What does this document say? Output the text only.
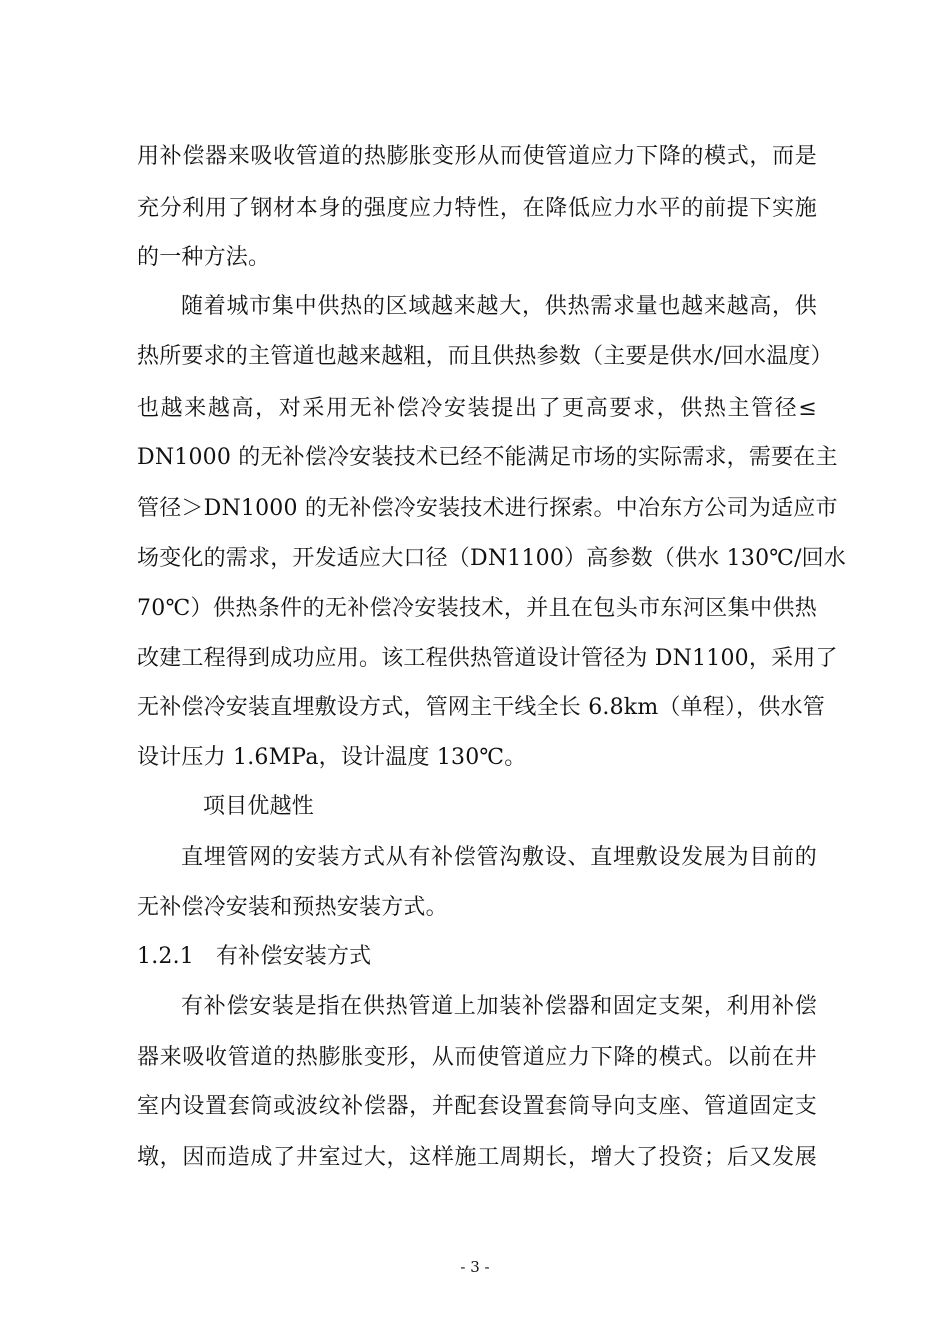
用补偿器来吸收管道的热膨胀变形从而使管道应力下降的模式，而是
充分利用了钢材本身的强度应力特性，在降低应力水平的前提下实施
的一种方法。
随着城市集中供热的区域越来越大，供热需求量也越来越高，供
热所要求的主管道也越来越粗，而且供热参数（主要是供水/回水温度）
也越来越高，对采用无补偿冷安装提出了更高要求，供热主管径≤
DN1000 的无补偿冷安装技术已经不能满足市场的实际需求，需要在主
管径＞DN1000 的无补偿冷安装技术进行探索。中冶东方公司为适应市
场变化的需求，开发适应大口径（DN1100）高参数（供水 130℃/回水
70℃）供热条件的无补偿冷安装技术，并且在包头市东河区集中供热
改建工程得到成功应用。该工程供热管道设计管径为 DN1100，采用了
无补偿冷安装直埋敷设方式，管网主干线全长 6.8km（单程），供水管
设计压力 1.6MPa，设计温度 130℃。
项目优越性
直埋管网的安装方式从有补偿管沟敷设、直埋敷设发展为目前的
无补偿冷安装和预热安装方式。
1.2.1 有补偿安装方式
有补偿安装是指在供热管道上加装补偿器和固定支架，利用补偿
器来吸收管道的热膨胀变形，从而使管道应力下降的模式。以前在井
室内设置套筒或波纹补偿器，并配套设置套筒导向支座、管道固定支
墩，因而造成了井室过大，这样施工周期长，增大了投资；后又发展
- 3 -
